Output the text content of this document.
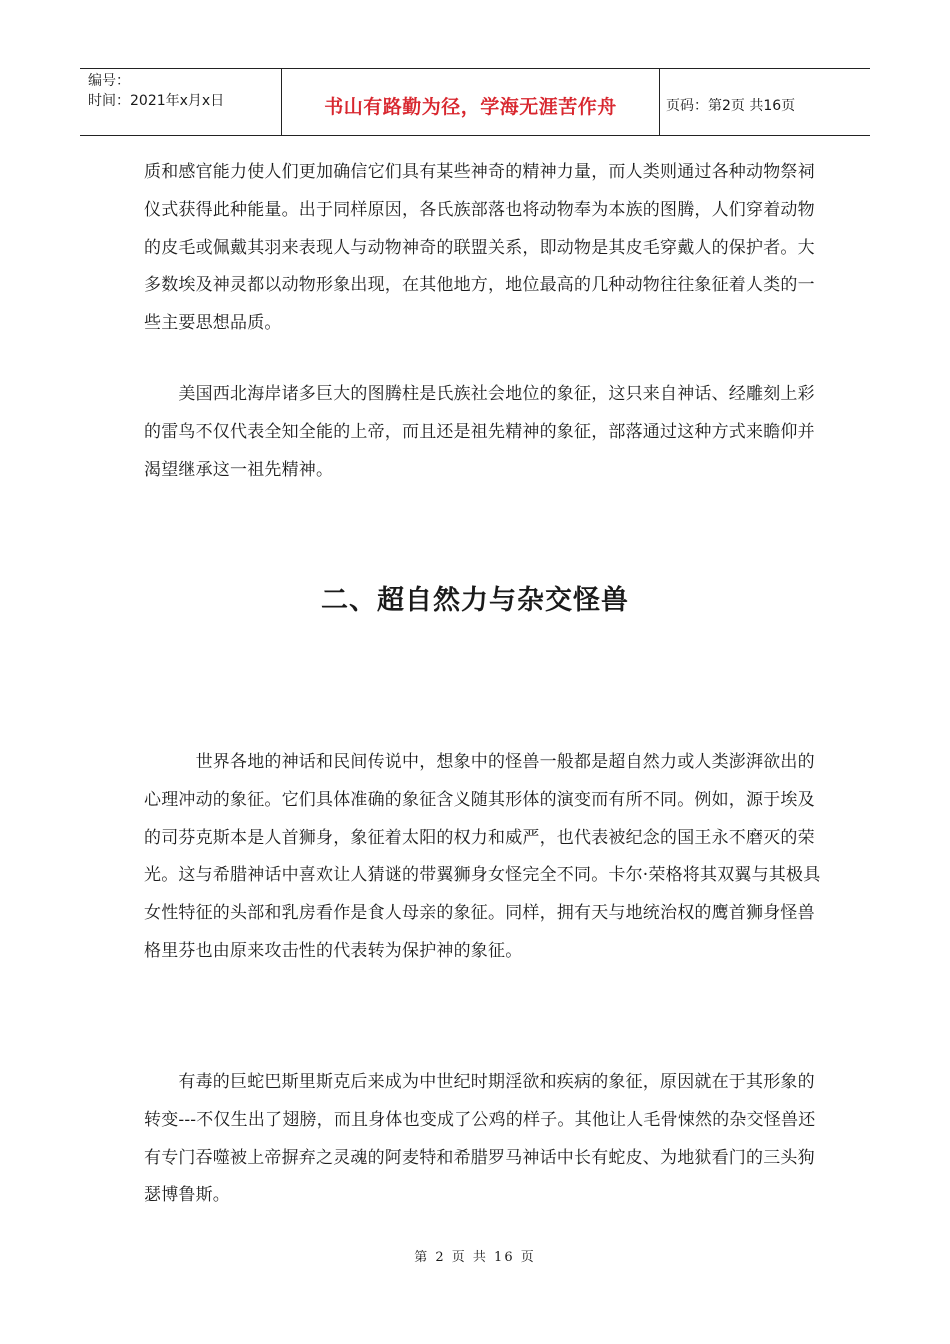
编号：
时间：2021年x月x日	书山有路勤为径，学海无涯苦作舟	页码：第2页 共16页

质和感官能力使人们更加确信它们具有某些神奇的精神力量，而人类则通过各种动物祭祠仪式获得此种能量。出于同样原因，各氏族部落也将动物奉为本族的图腾，人们穿着动物的皮毛或佩戴其羽来表现人与动物神奇的联盟关系，即动物是其皮毛穿戴人的保护者。大多数埃及神灵都以动物形象出现，在其他地方，地位最高的几种动物往往象征着人类的一些主要思想品质。

　　美国西北海岸诸多巨大的图腾柱是氏族社会地位的象征，这只来自神话、经雕刻上彩的雷鸟不仅代表全知全能的上帝，而且还是祖先精神的象征，部落通过这种方式来瞻仰并渴望继承这一祖先精神。

二、超自然力与杂交怪兽

　　　世界各地的神话和民间传说中，想象中的怪兽一般都是超自然力或人类澎湃欲出的心理冲动的象征。它们具体准确的象征含义随其形体的演变而有所不同。例如，源于埃及的司芬克斯本是人首狮身，象征着太阳的权力和威严，也代表被纪念的国王永不磨灭的荣光。这与希腊神话中喜欢让人猜谜的带翼狮身女怪完全不同。卡尔·荣格将其双翼与其极具女性特征的头部和乳房看作是食人母亲的象征。同样，拥有天与地统治权的鹰首狮身怪兽格里芬也由原来攻击性的代表转为保护神的象征。

　　有毒的巨蛇巴斯里斯克后来成为中世纪时期淫欲和疾病的象征，原因就在于其形象的转变---不仅生出了翅膀，而且身体也变成了公鸡的样子。其他让人毛骨悚然的杂交怪兽还有专门吞噬被上帝摒弃之灵魂的阿麦特和希腊罗马神话中长有蛇皮、为地狱看门的三头狗瑟博鲁斯。

第 2 页 共 16 页
